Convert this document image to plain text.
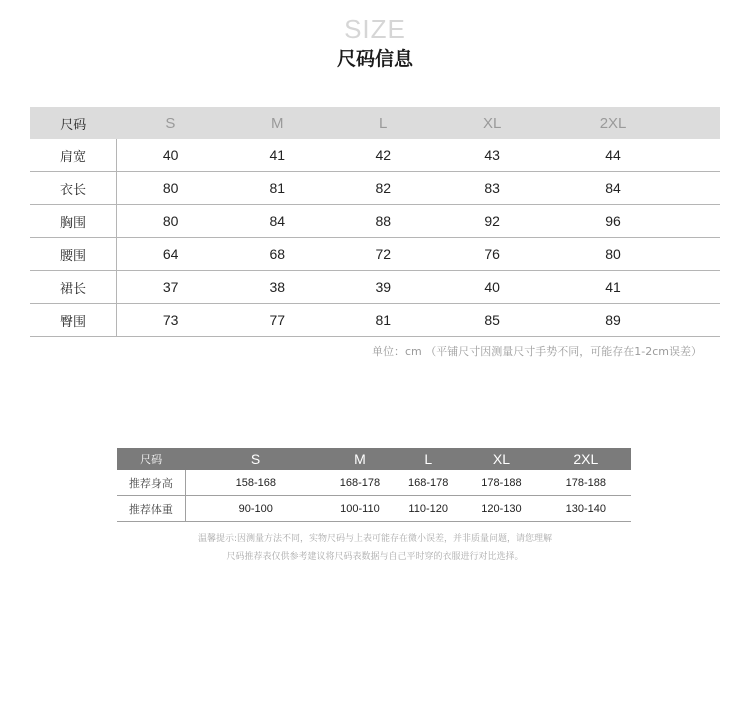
SIZE
尺码信息
尺码	S	M	L	XL	2XL	
肩宽	40	41	42	43	44	
衣长	80	81	82	83	84	
胸围	80	84	88	92	96	
腰围	64	68	72	76	80	
裙长	37	38	39	40	41	
臀围	73	77	81	85	89	
单位：cm （平铺尺寸因测量尺寸手势不同，可能存在1-2cm误差）
尺码	S	M	L	XL	2XL
推荐身高	158-168	168-178	168-178	178-188	178-188
推荐体重	90-100	100-110	110-120	120-130	130-140
温馨提示:因测量方法不同，实物尺码与上表可能存在微小误差，并非质量问题，请您理解
尺码推荐表仅供参考建议将尺码表数据与自己平时穿的衣服进行对比选择。
